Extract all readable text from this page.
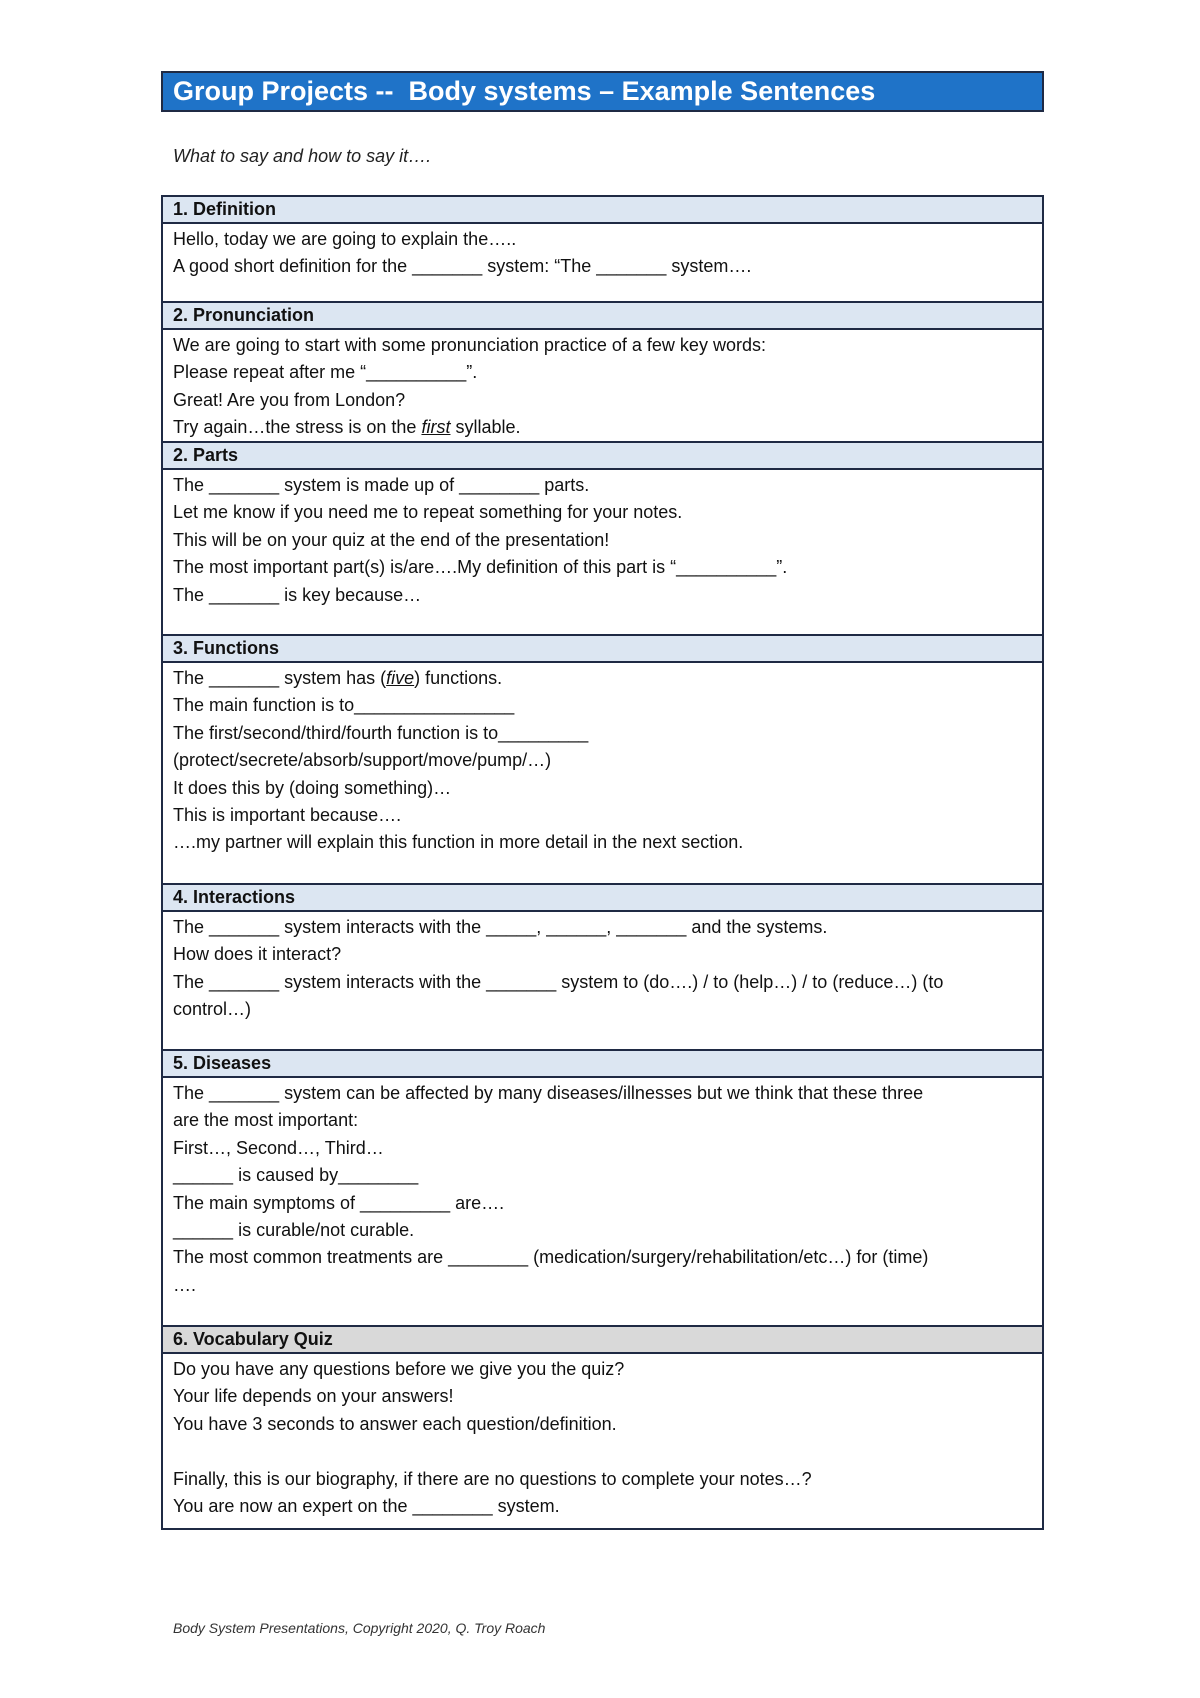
Group Projects --  Body systems – Example Sentences
What to say and how to say it….
1. Definition
Hello, today we are going to explain the…..
A good short definition for the _______ system: “The _______ system….
2. Pronunciation
We are going to start with some pronunciation practice of a few key words:
Please repeat after me “__________”.
Great! Are you from London?
Try again…the stress is on the first syllable.
2. Parts
The _______ system is made up of ________ parts.
Let me know if you need me to repeat something for your notes.
This will be on your quiz at the end of the presentation!
The most important part(s) is/are….My definition of this part is “__________”.
The _______ is key because…
3. Functions
The _______ system has (five) functions.
The main function is to________________
The first/second/third/fourth function is to_________
(protect/secrete/absorb/support/move/pump/…)
It does this by (doing something)…
This is important because….
….my partner will explain this function in more detail in the next section.
4. Interactions
The _______ system interacts with the _____, ______, _______ and the systems.
How does it interact?
The _______ system interacts with the _______ system to (do….) / to (help…) / to (reduce…) (to
control…)
5. Diseases
The _______ system can be affected by many diseases/illnesses but we think that these three
are the most important:
First…, Second…, Third…
______ is caused by________
The main symptoms of _________ are….
______ is curable/not curable.
The most common treatments are ________ (medication/surgery/rehabilitation/etc…) for (time)
….
6. Vocabulary Quiz
Do you have any questions before we give you the quiz?
Your life depends on your answers!
You have 3 seconds to answer each question/definition.
Finally, this is our biography, if there are no questions to complete your notes…?
You are now an expert on the ________ system.
Body System Presentations, Copyright 2020, Q. Troy Roach
